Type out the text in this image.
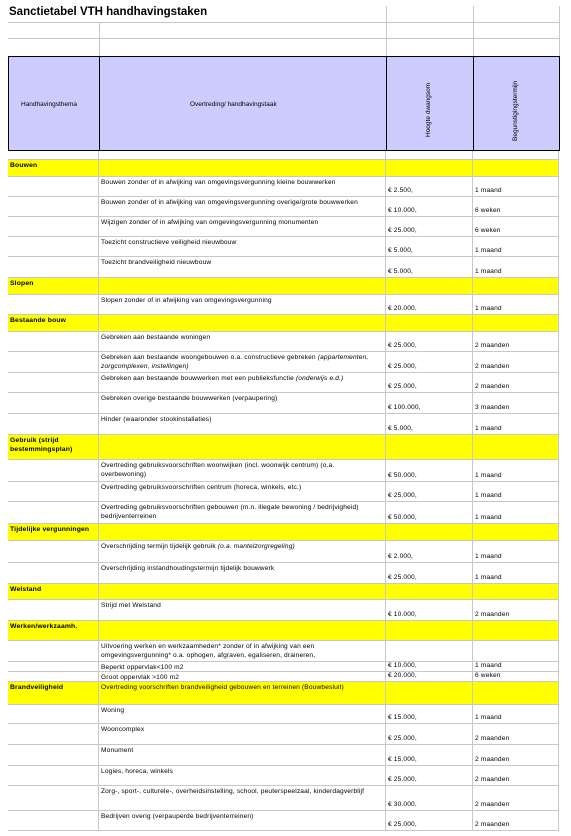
Sanctietabel VTH handhavingstaken
Handhavingsthema	Overtreding/ handhavingstaak	Hoogte dwangsom	Begunstigingstermijn
Bouwen
Bouwen zonder of in afwijking van omgevingsvergunning kleine bouwwerken
€ 2.500,	1 maand
Bouwen zonder of in afwijking van omgevingsvergunning overige/grote bouwwerken
€ 10.000,	6 weken
Wijzigen zonder of in afwijking van omgevingsvergunning monumenten
€ 25.000,	6 weken
Toezicht constructieve veiligheid nieuwbouw
€ 5.000,	1 maand
Toezicht brandveiligheid nieuwbouw
€ 5.000,	1 maand
Slopen
Slopen zonder of in afwijking van omgevingsvergunning
€ 20.000,	1 maand
Bestaande bouw
Gebreken aan bestaande woningen
€ 25.000,	2 maanden
Gebreken aan bestaande woongebouwen o.a. constructieve gebreken (appartementen, zorgcomplexen, instellingen)	€ 25.000,	2 maanden
Gebreken aan bestaande bouwwerken met een publieksfunctie (onderwijs e.d.)
€ 25.000,	2 maanden
Gebreken overige bestaande bouwwerken (verpaupering)
€ 100.000,	3 maanden
Hinder (waaronder stookinstallaties)
€ 5.000,	1 maand
Gebruik (strijd bestemmingsplan)
Overtreding gebruiksvoorschriften woonwijken (incl. woonwijk centrum) (o.a. overbewoning)	€ 50.000,	1 maand
Overtreding gebruiksvoorschriften centrum (horeca, winkels, etc.)
€ 25.000,	1 maand
Overtreding gebruiksvoorschriften gebouwen (m.n. illegale bewoning / bedrijvigheid) bedrijventerreinen	€ 50.000,	1 maand
Tijdelijke vergunningen
Overschrijding termijn tijdelijk gebruik (o.a. mantelzorgregeling)
€ 2.000,	1 maand
Overschrijding instandhoudingstermijn tijdelijk bouwwerk
€ 25.000,	1 maand
Welstand
Strijd met Welstand
€ 10.000,	2 maanden
Werken/werkzaamh.
Uitvoering werken en werkzaamheden* zonder of in afwijking van een omgevingsvergunning* o.a. ophogen, afgraven, egaliseren, draineren,
Beperkt oppervlak<100 m2	€ 10.000,	1 maand
Groot oppervlak >100 m2	€ 20.000,	6 weken
Brandveiligheid	Overtreding voorschriften brandveiligheid gebouwen en terreinen (Bouwbesluit)
Woning
€ 15.000,	1 maand
Wooncomplex
€ 25.000,	2 maanden
Monument
€ 15.000,	2 maanden
Logies, horeca, winkels
€ 25.000,	2 maanden
Zorg-, sport-, culturele-, overheidsinstelling, school, peuterspeelzaal, kinderdagverblijf
€ 30.000,	2 maanden
Bedrijven overig (verpauperde bedrijventerreinen)
€ 25.000,	2 maanden
